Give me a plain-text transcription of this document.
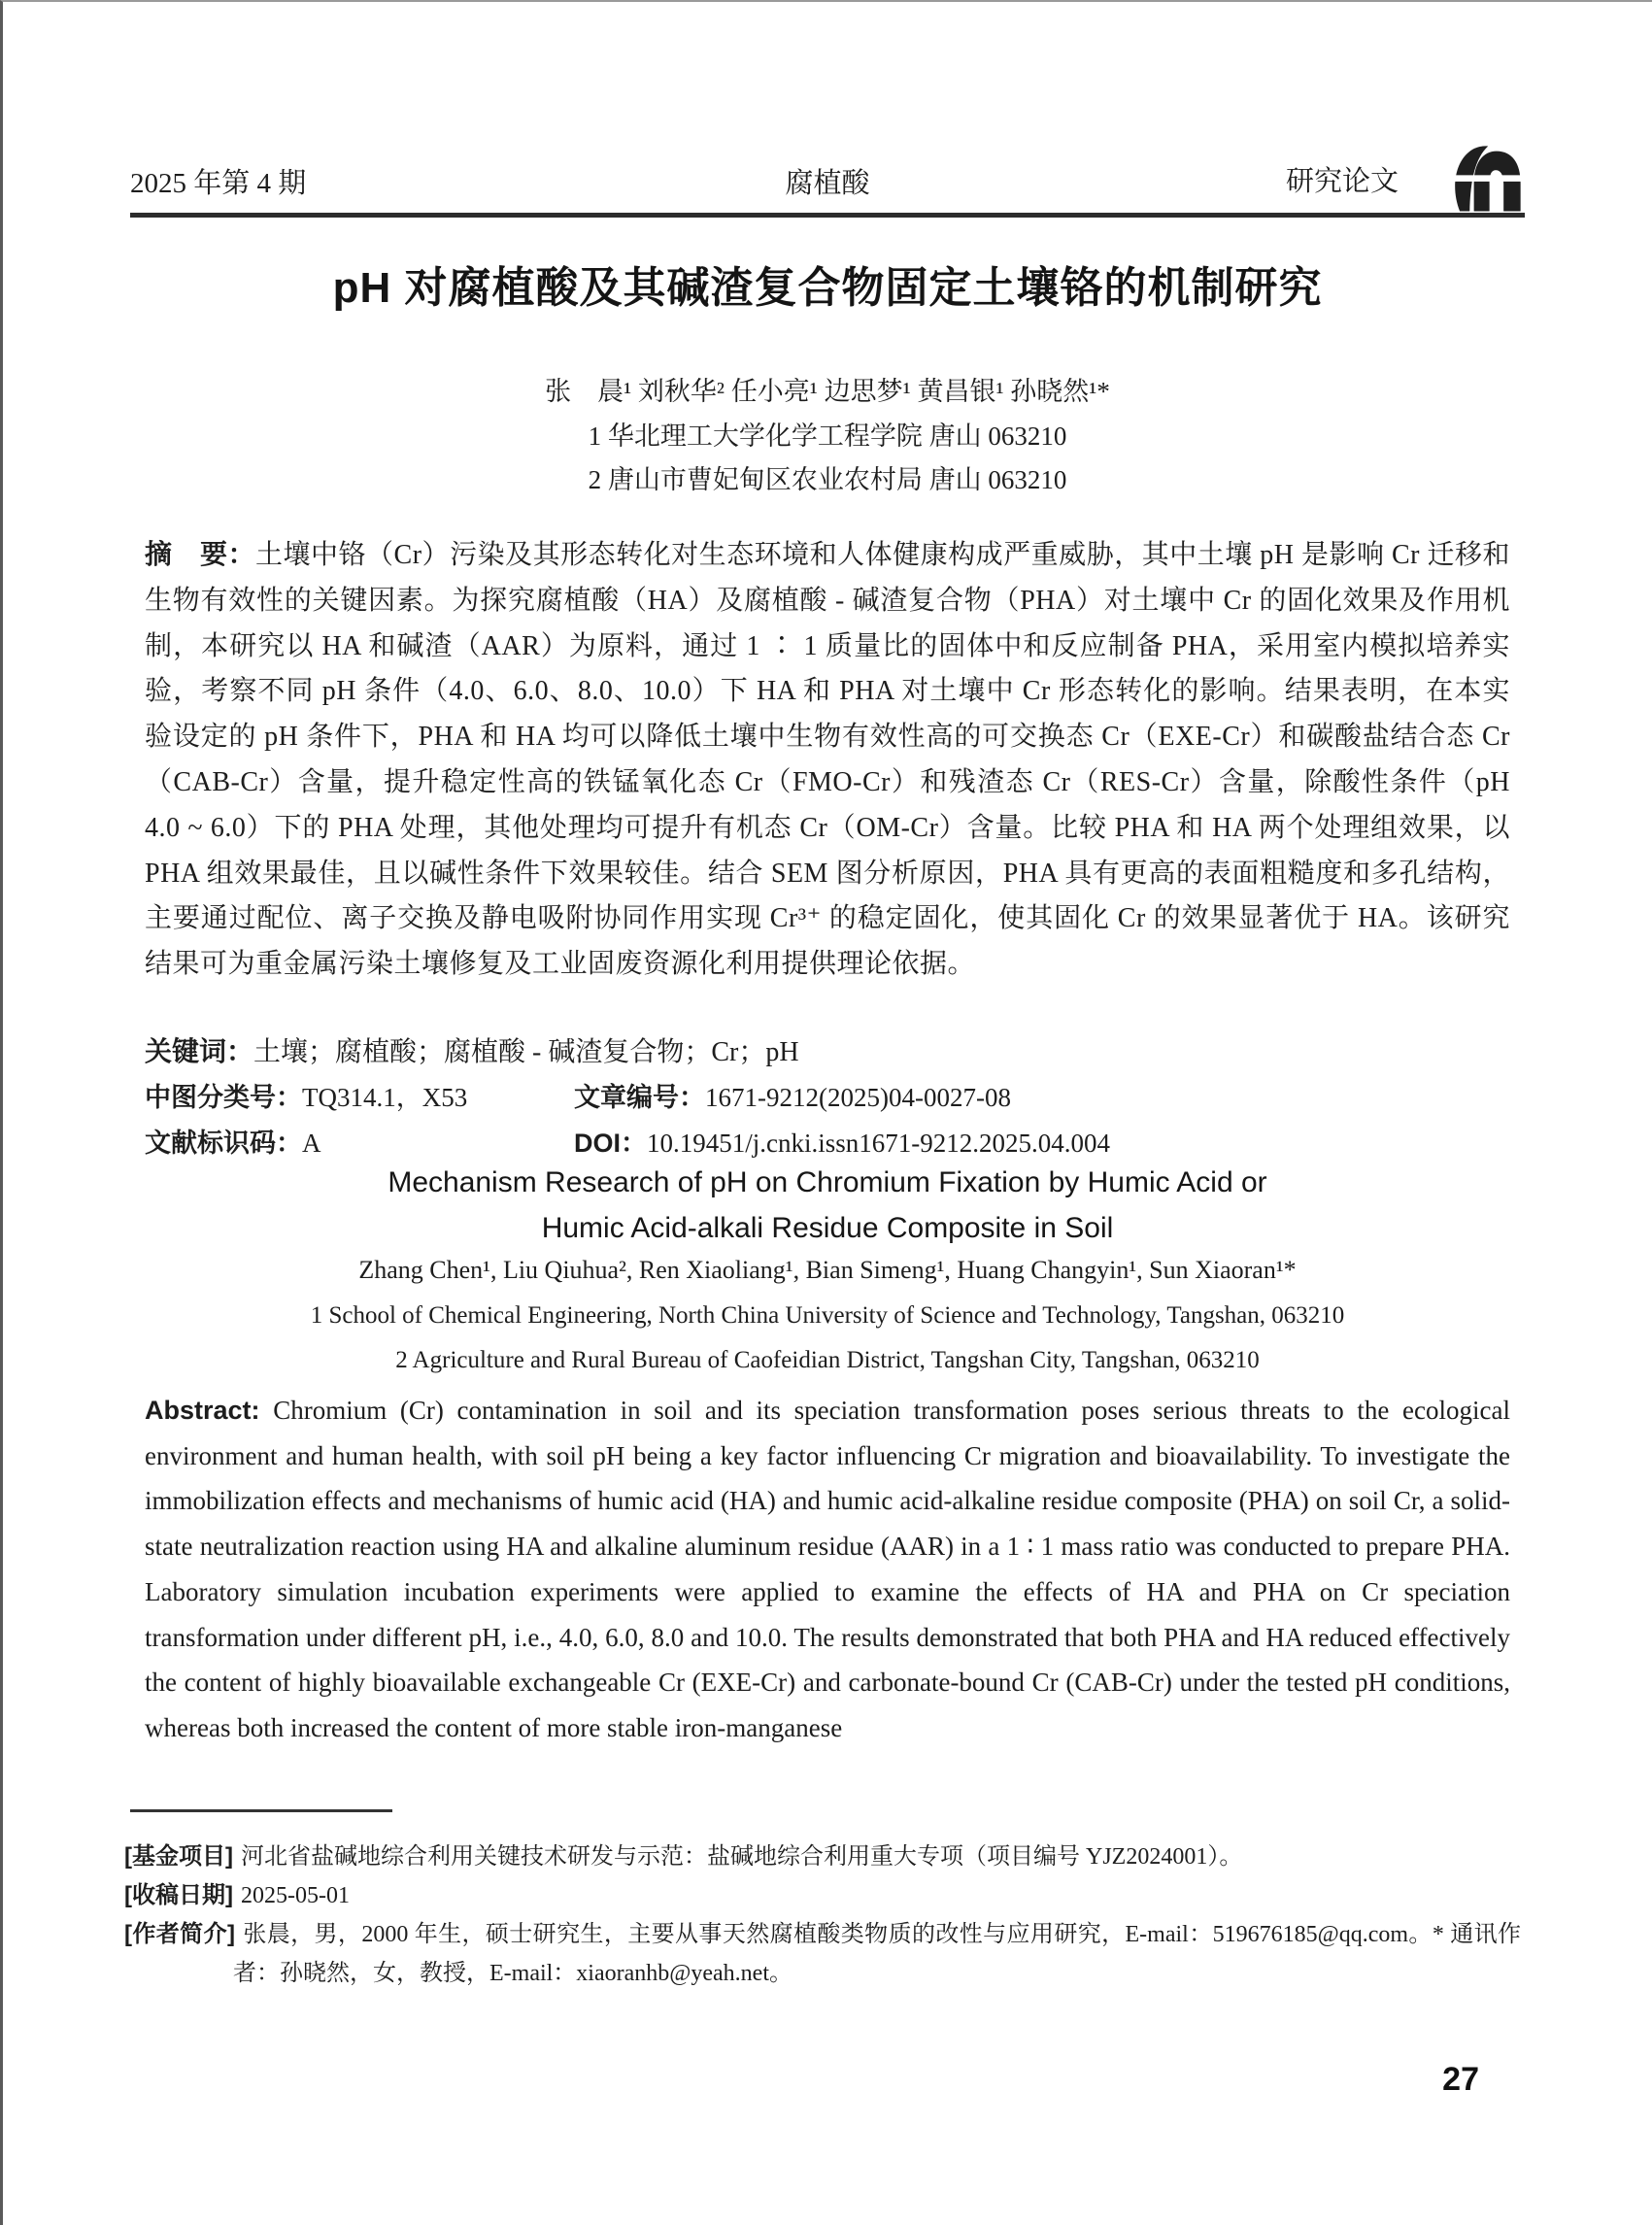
2025 年第 4 期	腐植酸	研究论文
pH 对腐植酸及其碱渣复合物固定土壤铬的机制研究
张　晨¹ 刘秋华² 任小亮¹ 边思梦¹ 黄昌银¹ 孙晓然¹*
1 华北理工大学化学工程学院 唐山 063210
2 唐山市曹妃甸区农业农村局 唐山 063210

摘　要：土壤中铬（Cr）污染及其形态转化对生态环境和人体健康构成严重威胁，其中土壤 pH 是影响 Cr 迁移和生物有效性的关键因素。为探究腐植酸（HA）及腐植酸 - 碱渣复合物（PHA）对土壤中 Cr 的固化效果及作用机制，本研究以 HA 和碱渣（AAR）为原料，通过 1 ∶ 1 质量比的固体中和反应制备 PHA，采用室内模拟培养实验，考察不同 pH 条件（4.0、6.0、8.0、10.0）下 HA 和 PHA 对土壤中 Cr 形态转化的影响。结果表明，在本实验设定的 pH 条件下，PHA 和 HA 均可以降低土壤中生物有效性高的可交换态 Cr（EXE-Cr）和碳酸盐结合态 Cr（CAB-Cr）含量，提升稳定性高的铁锰氧化态 Cr（FMO-Cr）和残渣态 Cr（RES-Cr）含量，除酸性条件（pH 4.0 ~ 6.0）下的 PHA 处理，其他处理均可提升有机态 Cr（OM-Cr）含量。比较 PHA 和 HA 两个处理组效果，以 PHA 组效果最佳，且以碱性条件下效果较佳。结合 SEM 图分析原因，PHA 具有更高的表面粗糙度和多孔结构，主要通过配位、离子交换及静电吸附协同作用实现 Cr³⁺ 的稳定固化，使其固化 Cr 的效果显著优于 HA。该研究结果可为重金属污染土壤修复及工业固废资源化利用提供理论依据。

关键词：土壤；腐植酸；腐植酸 - 碱渣复合物；Cr；pH

中图分类号：TQ314.1，X53	文章编号：1671-9212(2025)04-0027-08
文献标识码：A	DOI：10.19451/j.cnki.issn1671-9212.2025.04.004
Mechanism Research of pH on Chromium Fixation by Humic Acid or
Humic Acid-alkali Residue Composite in Soil
Zhang Chen¹, Liu Qiuhua², Ren Xiaoliang¹, Bian Simeng¹, Huang Changyin¹, Sun Xiaoran¹*
1 School of Chemical Engineering, North China University of Science and Technology, Tangshan, 063210
2 Agriculture and Rural Bureau of Caofeidian District, Tangshan City, Tangshan, 063210

Abstract: Chromium (Cr) contamination in soil and its speciation transformation poses serious threats to the ecological environment and human health, with soil pH being a key factor influencing Cr migration and bioavailability. To investigate the immobilization effects and mechanisms of humic acid (HA) and humic acid-alkaline residue composite (PHA) on soil Cr, a solid-state neutralization reaction using HA and alkaline aluminum residue (AAR) in a 1 ∶ 1 mass ratio was conducted to prepare PHA. Laboratory simulation incubation experiments were applied to examine the effects of HA and PHA on Cr speciation transformation under different pH, i.e., 4.0, 6.0, 8.0 and 10.0. The results demonstrated that both PHA and HA reduced effectively the content of highly bioavailable exchangeable Cr (EXE-Cr) and carbonate-bound Cr (CAB-Cr) under the tested pH conditions, whereas both increased the content of more stable iron-manganese

[基金项目] 河北省盐碱地综合利用关键技术研发与示范：盐碱地综合利用重大专项（项目编号 YJZ2024001）。

[收稿日期] 2025-05-01

[作者简介] 张晨，男，2000 年生，硕士研究生，主要从事天然腐植酸类物质的改性与应用研究，E-mail：519676185@qq.com。* 通讯作者：孙晓然，女，教授，E-mail：xiaoranhb@yeah.net。

27
